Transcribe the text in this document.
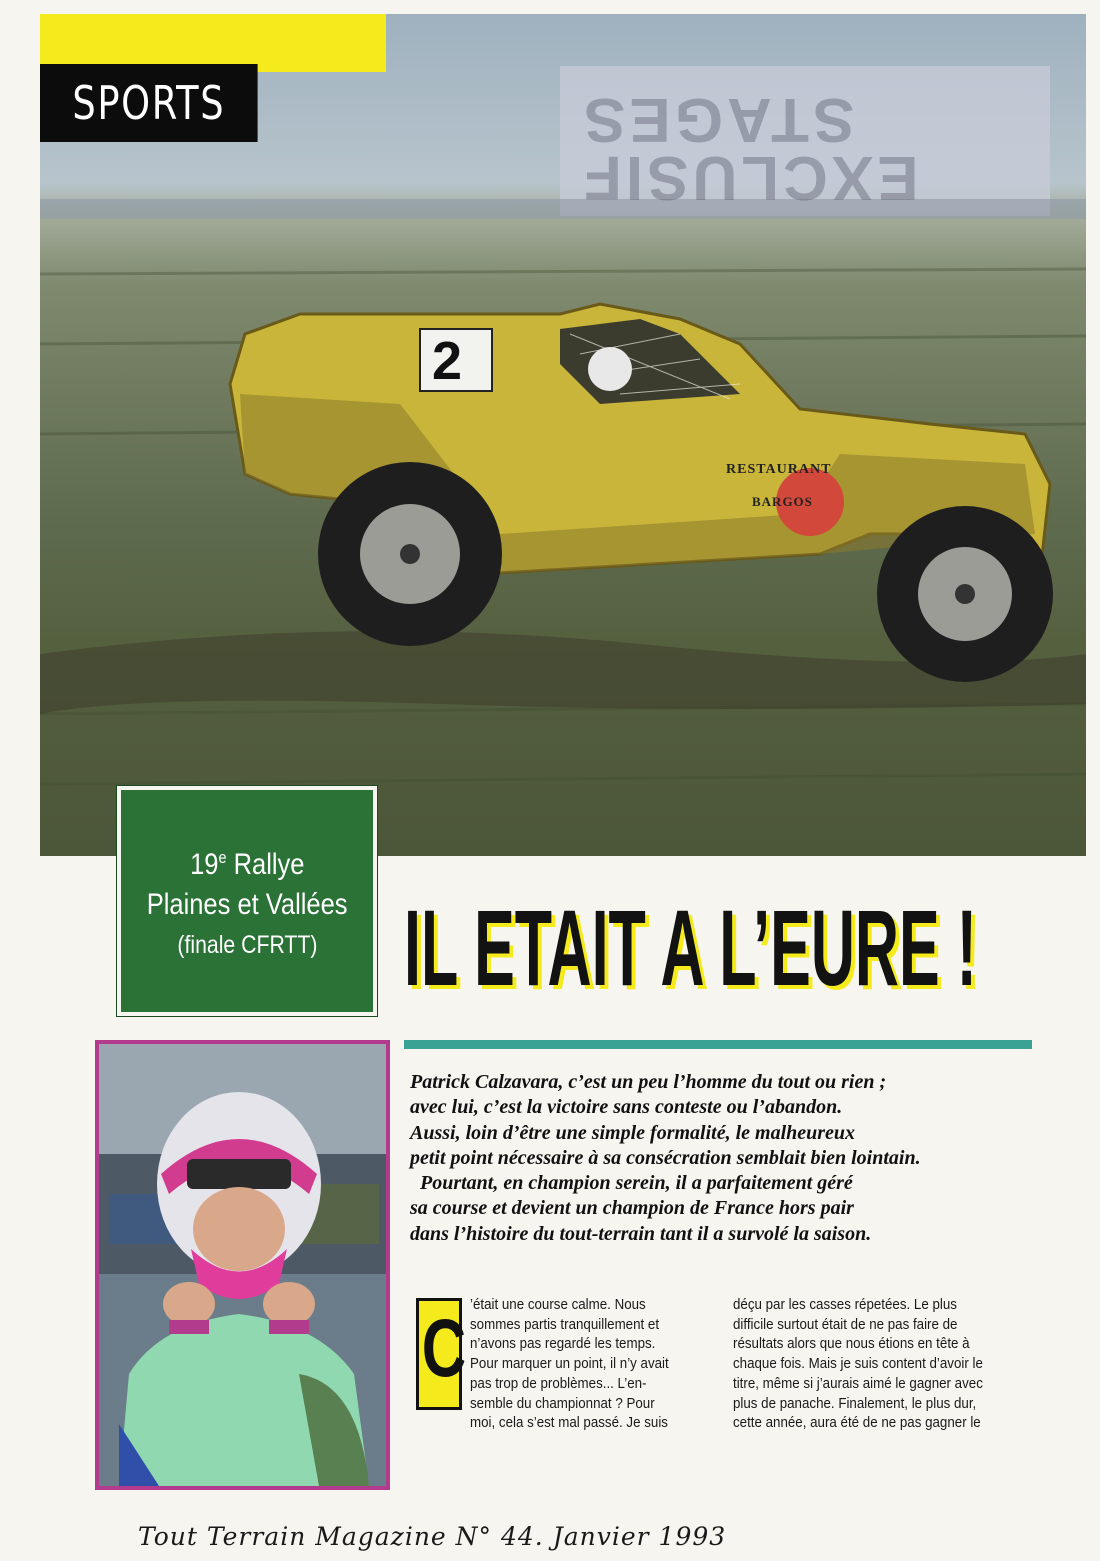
STAGES
EXCLUSIF
2
RESTAURANT
BARGOS
SPORTS
19e Rallye
Plaines et Vallées
(finale CFRTT) IL ETAIT A L’EURE !

Patrick Calzavara, c’est un peu l’homme du tout ou rien ;

avec lui, c’est la victoire sans conteste ou l’abandon.

Aussi, loin d’être une simple formalité, le malheureux

petit point nécessaire à sa consécration semblait bien lointain.

Pourtant, en champion serein, il a parfaitement géré

sa course et devient un champion de France hors pair

dans l’histoire du tout-terrain tant il a survolé la saison.

C ’était une course calme. Nous

sommes partis tranquillement et

n’avons pas regardé les temps.

Pour marquer un point, il n’y avait

pas trop de problèmes... L’en-

semble du championnat ? Pour

moi, cela s’est mal passé. Je suis

déçu par les casses répetées. Le plus

difficile surtout était de ne pas faire de

résultats alors que nous étions en tête à

chaque fois. Mais je suis content d’avoir le

titre, même si j’aurais aimé le gagner avec

plus de panache. Finalement, le plus dur,

cette année, aura été de ne pas gagner le

Tout Terrain Magazine N° 44. Janvier 1993
